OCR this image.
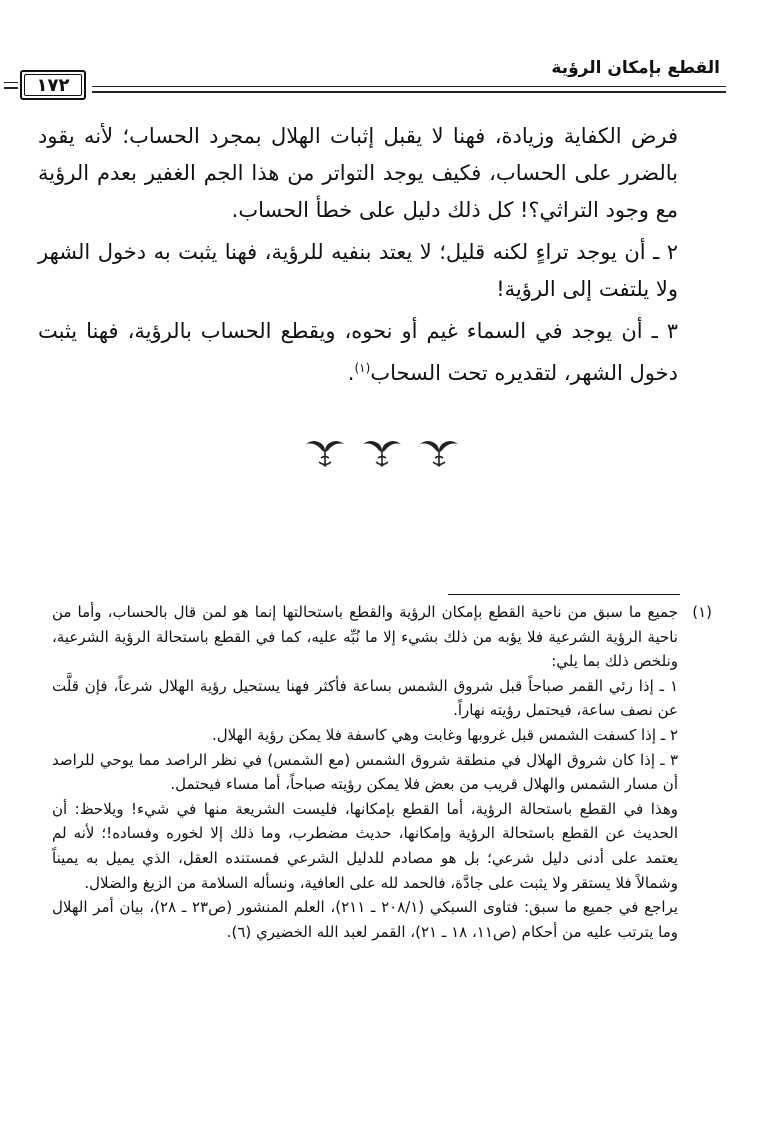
١٧٢
القطع بإمكان الرؤية

فرض الكفاية وزيادة، فهنا لا يقبل إثبات الهلال بمجرد الحساب؛ لأنه يقود بالضرر على الحساب، فكيف يوجد التواتر من هذا الجم الغفير بعدم الرؤية مع وجود التراثي؟! كل ذلك دليل على خطأ الحساب.

٢ ـ أن يوجد تراءٍ لكنه قليل؛ لا يعتد بنفيه للرؤية، فهنا يثبت به دخول الشهر ولا يلتفت إلى الرؤية!

٣ ـ أن يوجد في السماء غيم أو نحوه، ويقطع الحساب بالرؤية، فهنا يثبت دخول الشهر، لتقديره تحت السحاب$^{(١)}$.

(١)
جميع ما سبق من ناحية القطع بإمكان الرؤية والقطع باستحالتها إنما هو لمن قال بالحساب، وأما من ناحية الرؤية الشرعية فلا يؤبه من ذلك بشيء إلا ما نُبِّه عليه، كما في القطع باستحالة الرؤية الشرعية، ونلخص ذلك بما يلي:
١ ـ إذا رئي القمر صباحاً قبل شروق الشمس بساعة فأكثر فهنا يستحيل رؤية الهلال شرعاً، فإن قلَّت عن نصف ساعة، فيحتمل رؤيته نهاراً.
٢ ـ إذا كسفت الشمس قبل غروبها وغابت وهي كاسفة فلا يمكن رؤية الهلال.
٣ ـ إذا كان شروق الهلال في منطقة شروق الشمس (مع الشمس) في نظر الراصد مما يوحي للراصد أن مسار الشمس والهلال قريب من بعض فلا يمكن رؤيته صباحاً، أما مساء فيحتمل.
وهذا في القطع باستحالة الرؤية، أما القطع بإمكانها، فليست الشريعة منها في شيء! ويلاحظ: أن الحديث عن القطع باستحالة الرؤية وإمكانها، حديث مضطرب، وما ذلك إلا لخوره وفساده!؛ لأنه لم يعتمد على أدنى دليل شرعي؛ بل هو مصادم للدليل الشرعي فمستنده العقل، الذي يميل به يميناً وشمالاً فلا يستقر ولا يثبت على جادَّة، فالحمد لله على العافية، ونسأله السلامة من الزيغ والضلال.
يراجع في جميع ما سبق: فتاوى السبكي (٢٠٨/١ ـ ٢١١)، العلم المنشور (ص٢٣ ـ ٢٨)، بيان أمر الهلال وما يترتب عليه من أحكام (ص١١، ١٨ ـ ٢١)، القمر لعبد الله الخضيري (٦).
